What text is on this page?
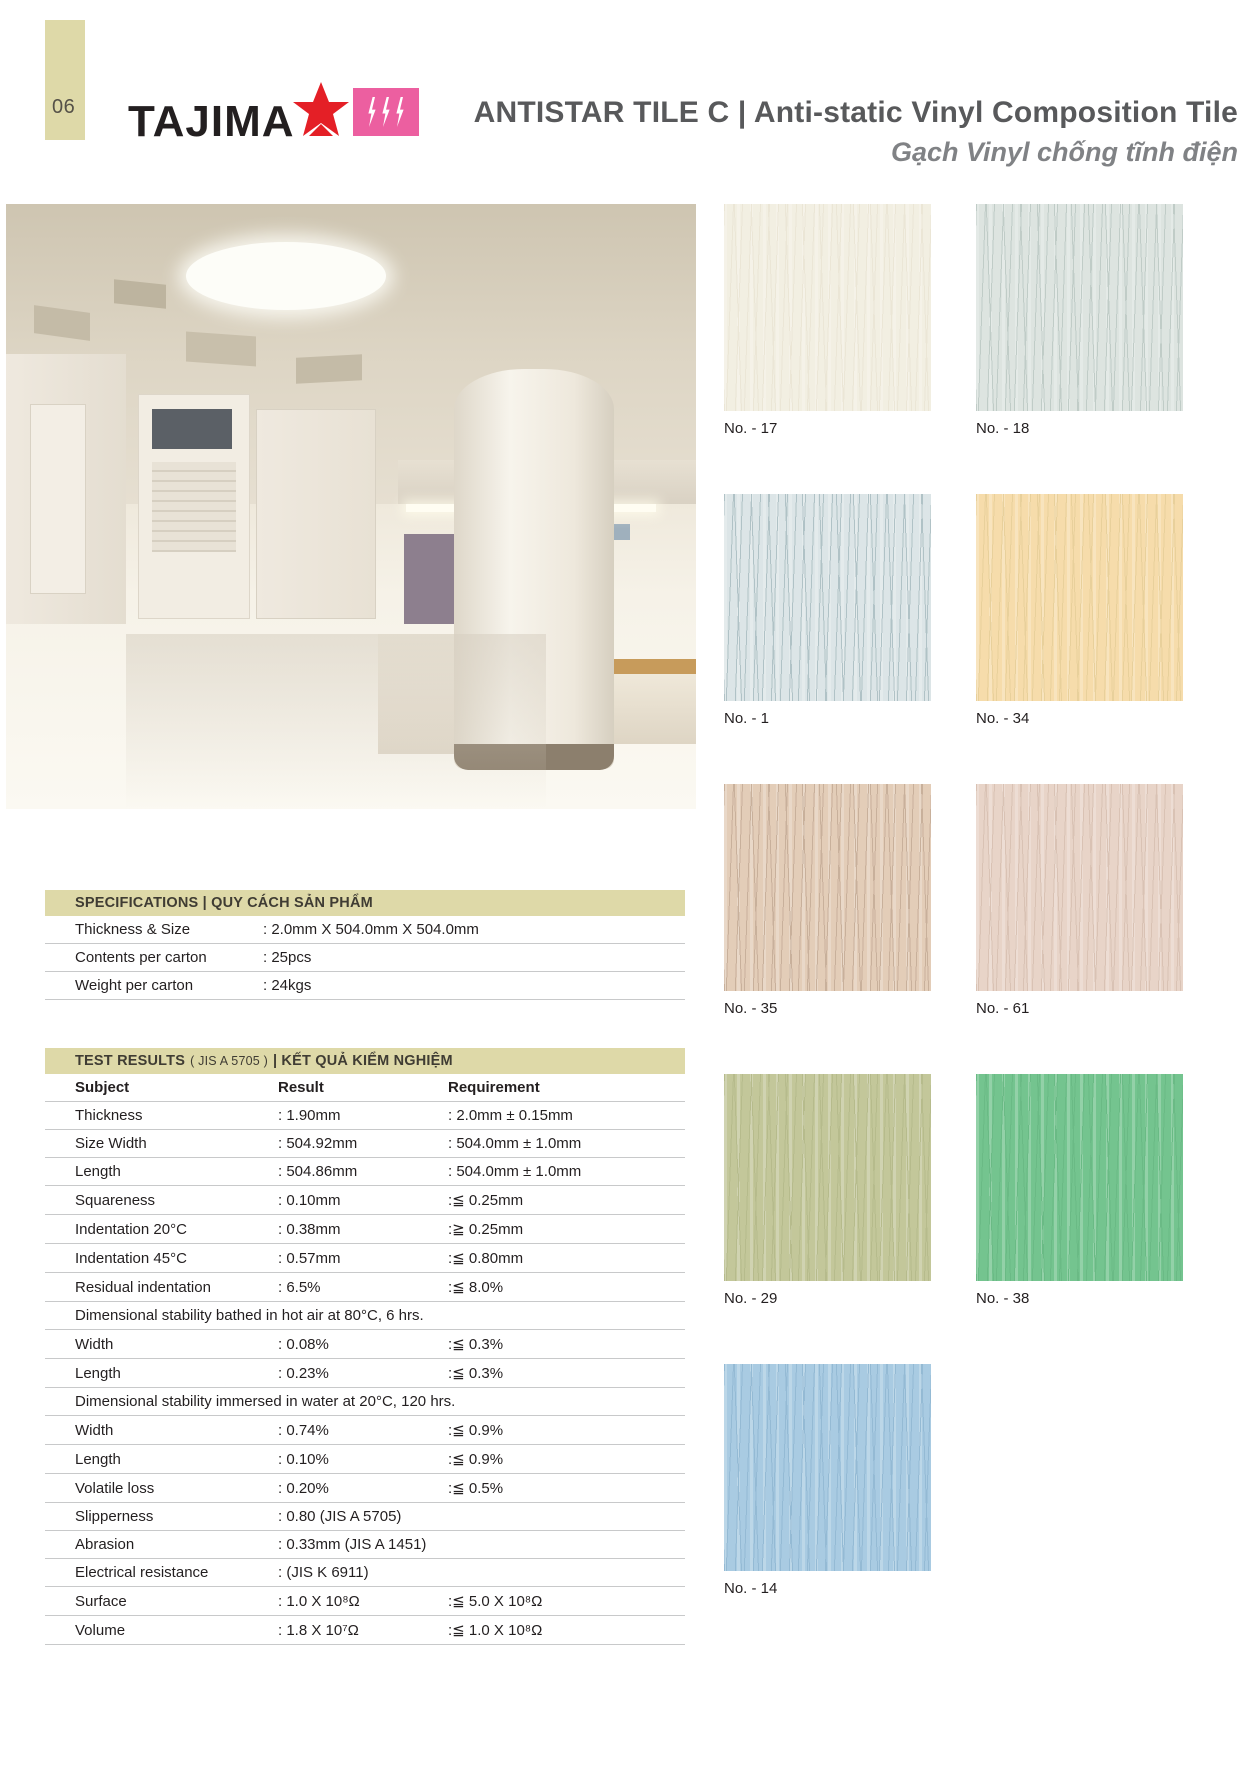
06 TAJIMA	ANTISTAR TILE C | Anti-static Vinyl Composition Tile
Gạch Vinyl chống tĩnh điện
SPECIFICATIONS | QUY CÁCH SẢN PHẨM
Thickness & Size	: 2.0mm X 504.0mm X 504.0mm
Contents per carton	: 25pcs
Weight per carton	: 24kgs
TEST RESULTS ( JIS A 5705 ) | KẾT QUẢ KIỂM NGHIỆM
Subject	Result	Requirement
Thickness	: 1.90mm	: 2.0mm ± 0.15mm
Size Width	: 504.92mm	: 504.0mm ± 1.0mm
Length	: 504.86mm	: 504.0mm ± 1.0mm
Squareness	: 0.10mm	:≦ 0.25mm
Indentation 20°C	: 0.38mm	:≧ 0.25mm
Indentation 45°C	: 0.57mm	:≦ 0.80mm
Residual indentation	: 6.5%	:≦ 8.0%
Dimensional stability bathed in hot air at 80°C, 6 hrs.		
Width	: 0.08%	:≦ 0.3%
Length	: 0.23%	:≦ 0.3%
Dimensional stability immersed in water at 20°C, 120 hrs.		
Width	: 0.74%	:≦ 0.9%
Length	: 0.10%	:≦ 0.9%
Volatile loss	: 0.20%	:≦ 0.5%
Slipperness	: 0.80 (JIS A 5705)	
Abrasion	: 0.33mm (JIS A 1451)	
Electrical resistance	: (JIS K 6911)	
Surface	: 1.0 X 10⁸Ω	:≦ 5.0 X 10⁸Ω
Volume	: 1.8 X 10⁷Ω	:≦ 1.0 X 10⁸Ω
No. - 17	No. - 18
No. - 1	No. - 34
No. - 35	No. - 61
No. - 29	No. - 38
No. - 14
